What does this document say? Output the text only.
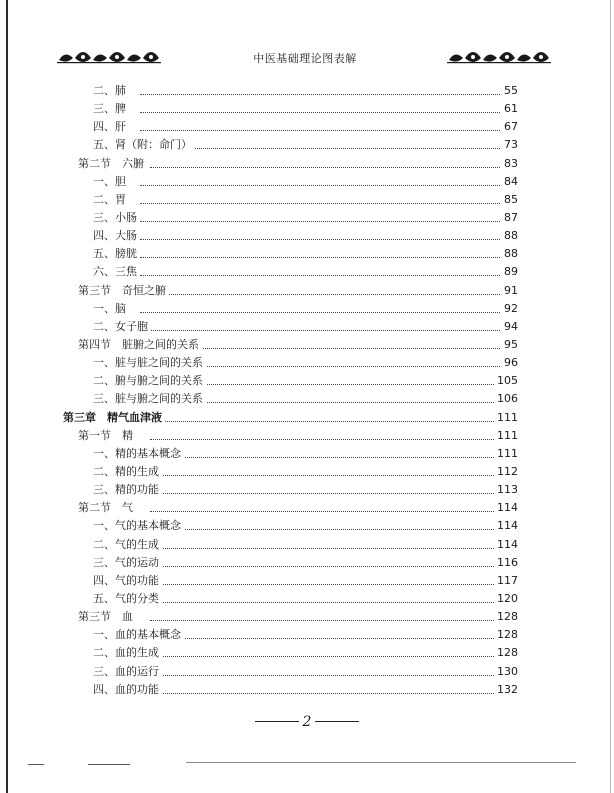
中医基础理论图表解
二、肺	55
三、脾	61
四、肝	67
五、肾（附：命门）	73
第二节　六腑	83
一、胆	84
二、胃	85
三、小肠	87
四、大肠	88
五、膀胱	88
六、三焦	89
第三节　奇恒之腑	91
一、脑	92
二、女子胞	94
第四节　脏腑之间的关系	95
一、脏与脏之间的关系	96
二、腑与腑之间的关系	105
三、脏与腑之间的关系	106
第三章　精气血津液	111
第一节　精	111
一、精的基本概念	111
二、精的生成	112
三、精的功能	113
第二节　气	114
一、气的基本概念	114
二、气的生成	114
三、气的运动	116
四、气的功能	117
五、气的分类	120
第三节　血	128
一、血的基本概念	128
二、血的生成	128
三、血的运行	130
四、血的功能	132
2
